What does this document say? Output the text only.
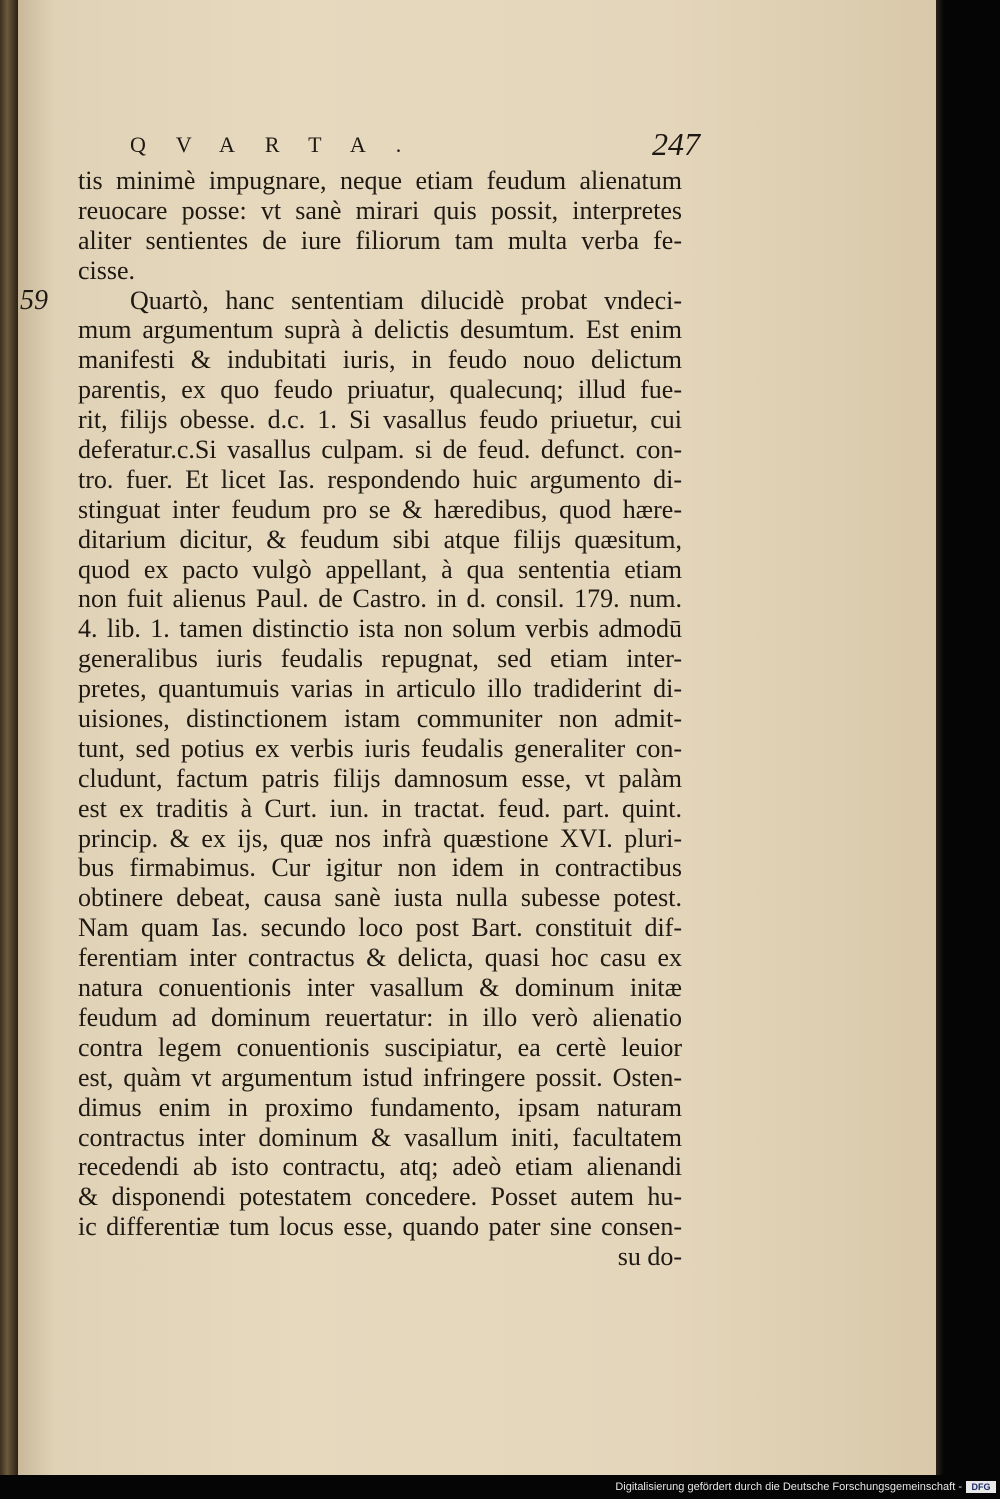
QVARTA.	247
59
tis minimè impugnare, neque etiam feudum alienatum
reuocare posse: vt sanè mirari quis possit, interpretes
aliter sentientes de iure filiorum tam multa verba fe-
cisse.
Quartò, hanc sententiam dilucidè probat vndeci-
mum argumentum suprà à delictis desumtum. Est enim
manifesti & indubitati iuris, in feudo nouo delictum
parentis, ex quo feudo priuatur, qualecunq; illud fue-
rit, filijs obesse. d.c. 1. Si vasallus feudo priuetur, cui
deferatur.c.Si vasallus culpam. si de feud. defunct. con-
tro. fuer. Et licet Ias. respondendo huic argumento di-
stinguat inter feudum pro se & hæredibus, quod hære-
ditarium dicitur, & feudum sibi atque filijs quæsitum,
quod ex pacto vulgò appellant, à qua sententia etiam
non fuit alienus Paul. de Castro. in d. consil. 179. num.
4. lib. 1. tamen distinctio ista non solum verbis admodū
generalibus iuris feudalis repugnat, sed etiam inter-
pretes, quantumuis varias in articulo illo tradiderint di-
uisiones, distinctionem istam communiter non admit-
tunt, sed potius ex verbis iuris feudalis generaliter con-
cludunt, factum patris filijs damnosum esse, vt palàm
est ex traditis à Curt. iun. in tractat. feud. part. quint.
princip. & ex ijs, quæ nos infrà quæstione XVI. pluri-
bus firmabimus. Cur igitur non idem in contractibus
obtinere debeat, causa sanè iusta nulla subesse potest.
Nam quam Ias. secundo loco post Bart. constituit dif-
ferentiam inter contractus & delicta, quasi hoc casu ex
natura conuentionis inter vasallum & dominum initæ
feudum ad dominum reuertatur: in illo verò alienatio
contra legem conuentionis suscipiatur, ea certè leuior
est, quàm vt argumentum istud infringere possit. Osten-
dimus enim in proximo fundamento, ipsam naturam
contractus inter dominum & vasallum initi, facultatem
recedendi ab isto contractu, atq; adeò etiam alienandi
& disponendi potestatem concedere. Posset autem hu-
ic differentiæ tum locus esse, quando pater sine consen-
su do-
Digitalisierung gefördert durch die Deutsche Forschungsgemeinschaft -	DFG
